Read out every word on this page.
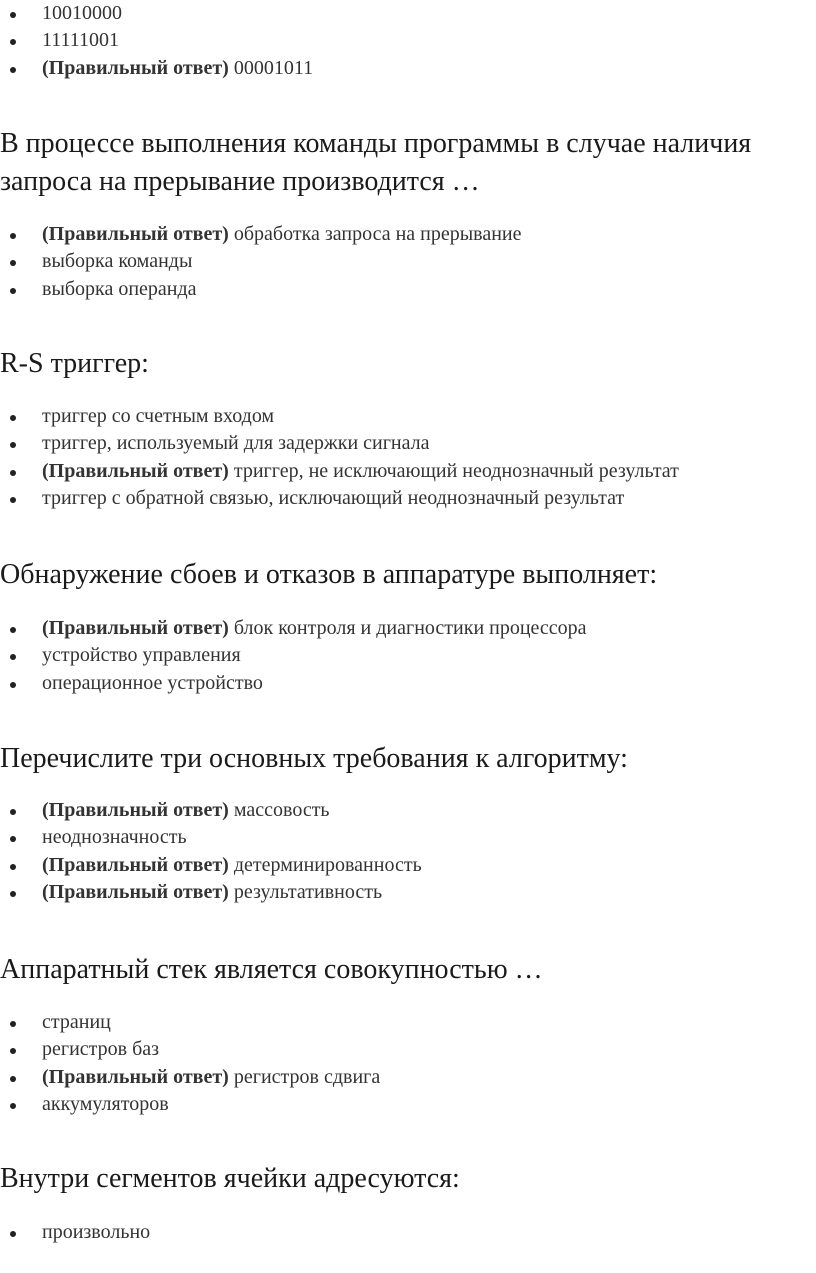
10010000
11111001
(Правильный ответ) 00001011
В процессе выполнения команды программы в случае наличия запроса на прерывание производится …
(Правильный ответ) обработка запроса на прерывание
выборка команды
выборка операнда
R-S триггер:
триггер со счетным входом
триггер, используемый для задержки сигнала
(Правильный ответ) триггер, не исключающий неоднозначный результат
триггер с обратной связью, исключающий неоднозначный результат
Обнаружение сбоев и отказов в аппаратуре выполняет:
(Правильный ответ) блок контроля и диагностики процессора
устройство управления
операционное устройство
Перечислите три основных требования к алгоритму:
(Правильный ответ) массовость
неоднозначность
(Правильный ответ) детерминированность
(Правильный ответ) результативность
Аппаратный стек является совокупностью …
страниц
регистров баз
(Правильный ответ) регистров сдвига
аккумуляторов
Внутри сегментов ячейки адресуются:
произвольно
